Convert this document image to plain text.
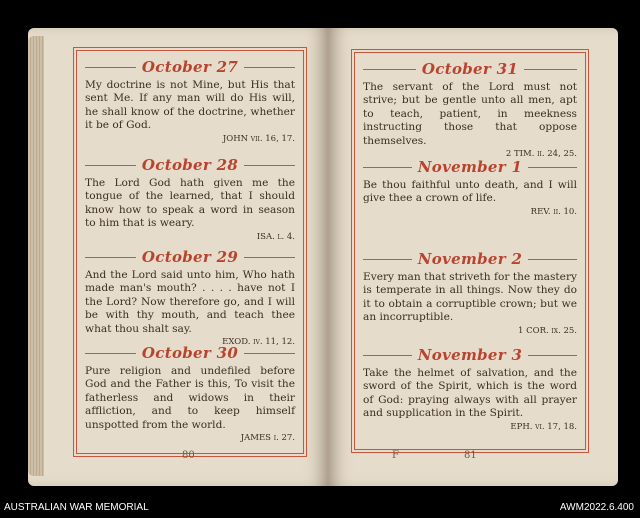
October 27
My doctrine is not Mine, but His that sent Me. If any man will do His will, he shall know of the doctrine, whether it be of God.
JOHN vii. 16, 17.
October 28
The Lord God hath given me the tongue of the learned, that I should know how to speak a word in season to him that is weary.
ISA. l. 4.
October 29
And the Lord said unto him, Who hath made man's mouth? . . . . have not I the Lord? Now therefore go, and I will be with thy mouth, and teach thee what thou shalt say.
EXOD. iv. 11, 12.
October 30
Pure religion and undefiled before God and the Father is this, To visit the fatherless and widows in their affliction, and to keep himself unspotted from the world.
JAMES i. 27.
80
October 31
The servant of the Lord must not strive; but be gentle unto all men, apt to teach, patient, in meekness instructing those that oppose themselves.
2 TIM. ii. 24, 25.
November 1
Be thou faithful unto death, and I will give thee a crown of life.
REV. ii. 10.
November 2
Every man that striveth for the mastery is temperate in all things. Now they do it to obtain a corruptible crown; but we an incorruptible.
1 COR. ix. 25.
November 3
Take the helmet of salvation, and the sword of the Spirit, which is the word of God: praying always with all prayer and supplication in the Spirit.
EPH. vi. 17, 18.
F	81
AUSTRALIAN WAR MEMORIAL	AWM2022.6.400
